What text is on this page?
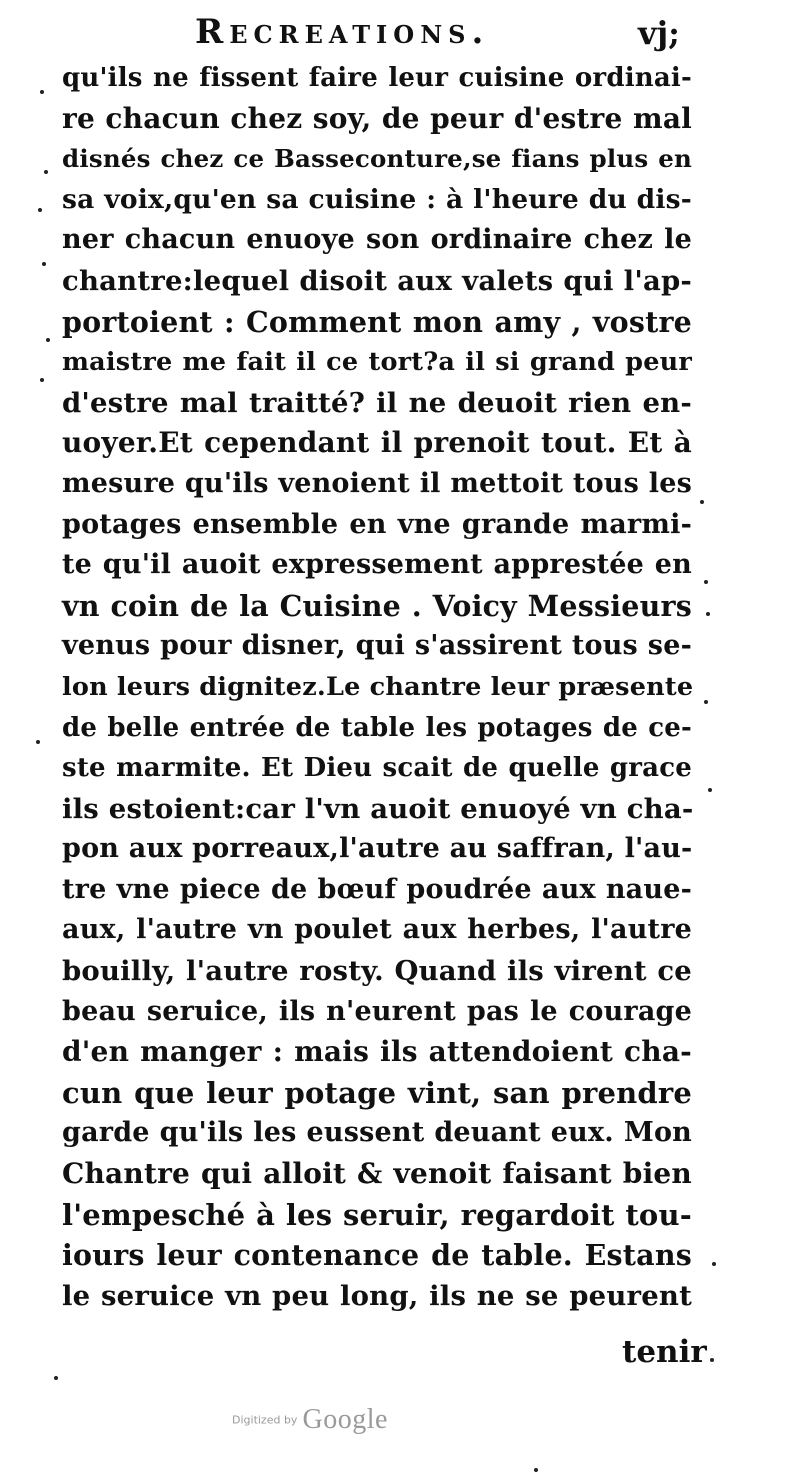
Recreations.	vj;
qu'ils ne fissent faire leur cuisine ordinai-
re chacun chez soy, de peur d'estre mal
disnés chez ce Basseconture,se fians plus en
sa voix,qu'en sa cuisine : à l'heure du dis-
ner chacun enuoye son ordinaire chez le
chantre:lequel disoit aux valets qui l'ap-
portoient : Comment mon amy , vostre
maistre me fait il ce tort?a il si grand peur
d'estre mal traitté? il ne deuoit rien en-
uoyer.Et cependant il prenoit tout. Et à
mesure qu'ils venoient il mettoit tous les
potages ensemble en vne grande marmi-
te qu'il auoit expressement apprestée en
vn coin de la Cuisine . Voicy Messieurs
venus pour disner, qui s'assirent tous se-
lon leurs dignitez.Le chantre leur præsente
de belle entrée de table les potages de ce-
ste marmite. Et Dieu scait de quelle grace
ils estoient:car l'vn auoit enuoyé vn cha-
pon aux porreaux,l'autre au saffran, l'au-
tre vne piece de bœuf poudrée aux naue-
aux, l'autre vn poulet aux herbes, l'autre
bouilly, l'autre rosty. Quand ils virent ce
beau seruice, ils n'eurent pas le courage
d'en manger : mais ils attendoient cha-
cun que leur potage vint, san prendre
garde qu'ils les eussent deuant eux. Mon
Chantre qui alloit & venoit faisant bien
l'empesché à les seruir, regardoit tou-
iours leur contenance de table. Estans
le seruice vn peu long, ils ne se peurent
tenir
Digitized by Google
